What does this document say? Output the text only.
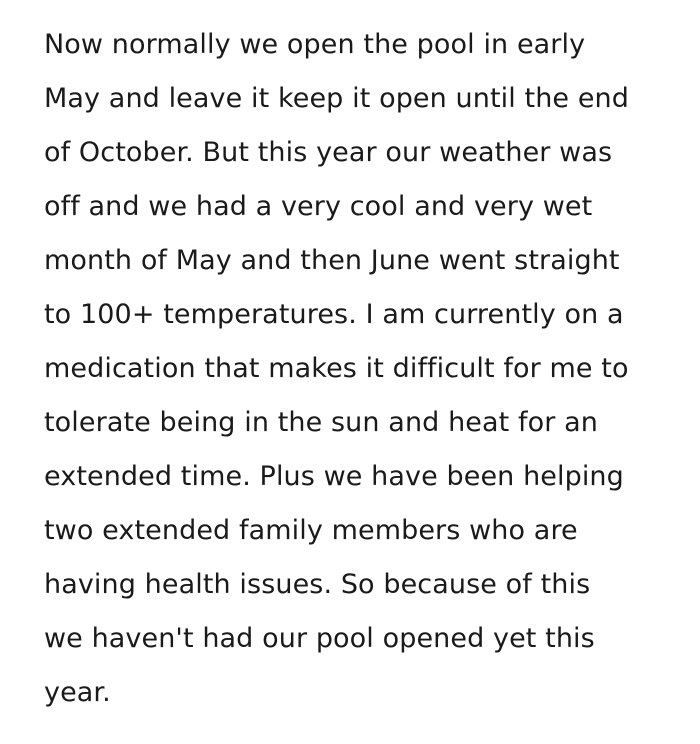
Now normally we open the pool in early
May and leave it keep it open until the end
of October. But this year our weather was
off and we had a very cool and very wet
month of May and then June went straight
to 100+ temperatures. I am currently on a
medication that makes it difficult for me to
tolerate being in the sun and heat for an
extended time. Plus we have been helping
two extended family members who are
having health issues. So because of this
we haven't had our pool opened yet this
year.
